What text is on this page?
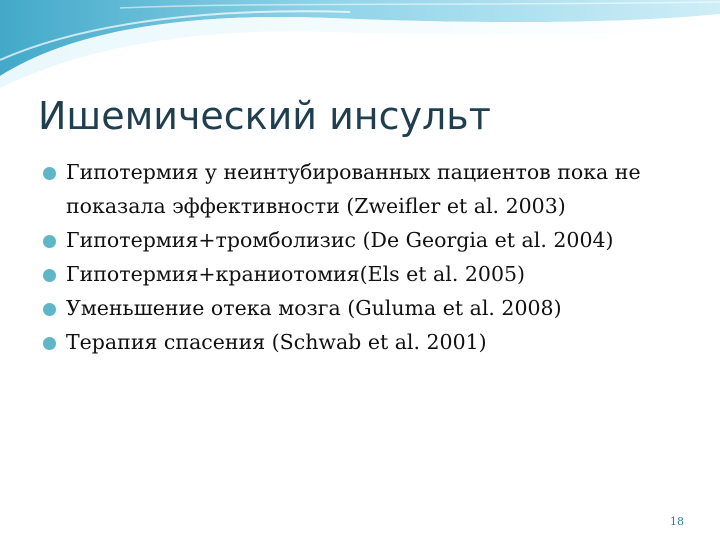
Ишемический инсульт
Гипотермия у неинтубированных пациентов пока не показала эффективности (Zweifler et al. 2003)
Гипотермия+тромболизис (De Georgia et al. 2004)
Гипотермия+краниотомия(Els et al. 2005)
Уменьшение отека мозга (Guluma et al. 2008)
Терапия спасения (Schwab et al. 2001)
18
